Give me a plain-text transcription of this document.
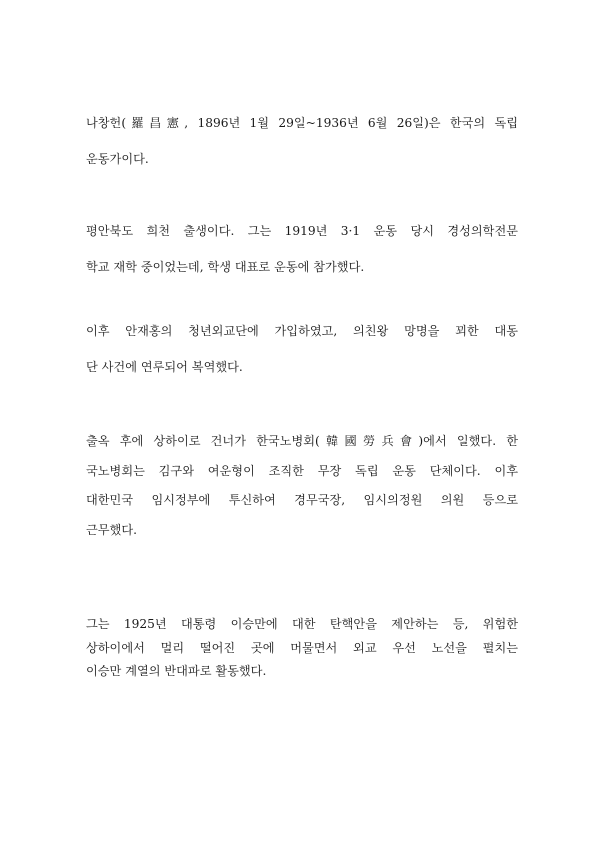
나창헌(羅昌憲, 1896년 1월 29일~1936년 6월 26일)은 한국의 독립
운동가이다.

평안북도 희천 출생이다. 그는 1919년 3·1 운동 당시 경성의학전문
학교 재학 중이었는데, 학생 대표로 운동에 참가했다.

이후 안재홍의 청년외교단에 가입하였고, 의친왕 망명을 꾀한 대동
단 사건에 연루되어 복역했다.

출옥 후에 상하이로 건너가 한국노병회(韓國勞兵會)에서 일했다. 한
국노병회는 김구와 여운형이 조직한 무장 독립 운동 단체이다. 이후
대한민국 임시정부에 투신하여 경무국장, 임시의정원 의원 등으로
근무했다.

그는 1925년 대통령 이승만에 대한 탄핵안을 제안하는 등, 위험한
상하이에서 멀리 떨어진 곳에 머물면서 외교 우선 노선을 펼치는
이승만 계열의 반대파로 활동했다.
